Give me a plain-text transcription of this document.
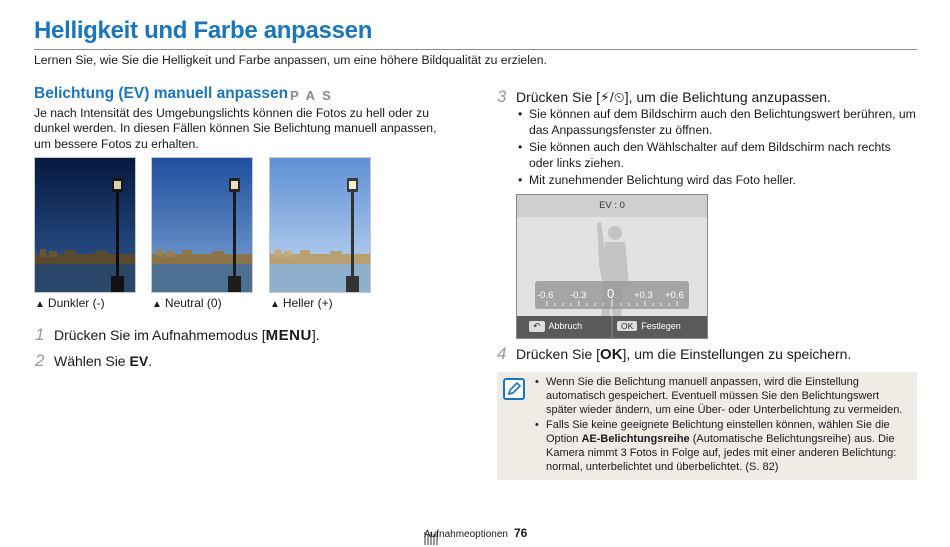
Helligkeit und Farbe anpassen
Lernen Sie, wie Sie die Helligkeit und Farbe anpassen, um eine höhere Bildqualität zu erzielen.
Belichtung (EV) manuell anpassen P A S
Je nach Intensität des Umgebungslichts können die Fotos zu hell oder zu dunkel werden. In diesen Fällen können Sie Belichtung manuell anpassen, um bessere Fotos zu erhalten.
▲ Dunkler (-)	▲ Neutral (0)	▲ Heller (+)
1 Drücken Sie im Aufnahmemodus [MENU].
2 Wählen Sie EV.
3 Drücken Sie [⚡/⏲], um die Belichtung anzupassen.
• Sie können auf dem Bildschirm auch den Belichtungswert berühren, um das Anpassungsfenster zu öffnen.
• Sie können auch den Wählschalter auf dem Bildschirm nach rechts oder links ziehen.
• Mit zunehmender Belichtung wird das Foto heller.
EV : 0
-0.6 -0.3 0 +0.3 +0.6
↶ Abbruch	OK Festlegen
4 Drücken Sie [OK], um die Einstellungen zu speichern.
• Wenn Sie die Belichtung manuell anpassen, wird die Einstellung automatisch gespeichert. Eventuell müssen Sie den Belichtungswert später wieder ändern, um eine Über- oder Unterbelichtung zu vermeiden.
• Falls Sie keine geeignete Belichtung einstellen können, wählen Sie die Option AE-Belichtungsreihe (Automatische Belichtungsreihe) aus. Die Kamera nimmt 3 Fotos in Folge auf, jedes mit einer anderen Belichtung: normal, unterbelichtet und überbelichtet. (S. 82)
Aufnahmeoptionen 76
